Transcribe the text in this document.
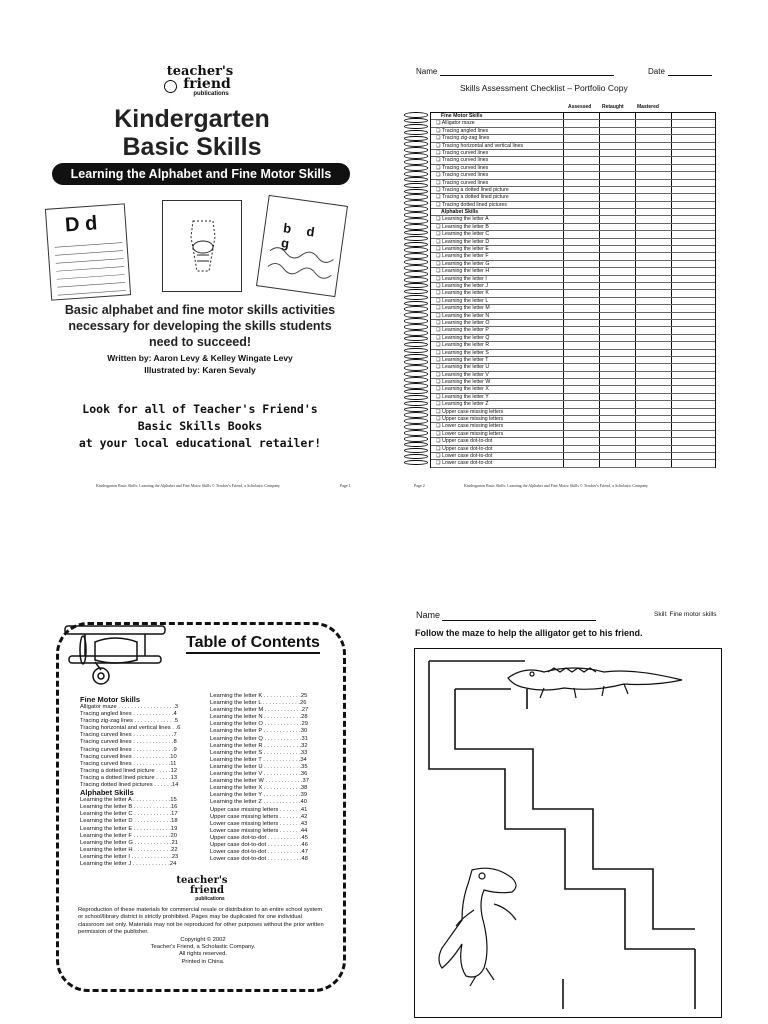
teacher's
friend
publications
Kindergarten
Basic Skills
Learning the Alphabet and Fine Motor Skills
D d	b d g
Basic alphabet and fine motor skills activities necessary for developing the skills students need to succeed!
Written by: Aaron Levy & Kelley Wingate Levy
Illustrated by: Karen Sevaly
Look for all of Teacher's Friend's
Basic Skills Books
at your local educational retailer!
Kindergarten Basic Skills: Learning the Alphabet and Fine Motor Skills © Teacher's Friend, a Scholastic Company	Page 1
Name	Date
Skills Assessment Checklist – Portfolio Copy
Assessed Retaught	Mastered
Fine Motor Skills
❏ Alligator maze
❏ Tracing angled lines
❏ Tracing zig-zag lines
❏ Tracing horizontal and vertical lines
❏ Tracing curved lines
❏ Tracing curved lines
❏ Tracing curved lines
❏ Tracing curved lines
❏ Tracing curved lines
❏ Tracing a dotted lined picture
❏ Tracing a dotted lined picture
❏ Tracing dotted lined pictures
Alphabet Skills
❏ Learning the letter A
❏ Learning the letter B
❏ Learning the letter C
❏ Learning the letter D
❏ Learning the letter E
❏ Learning the letter F
❏ Learning the letter G
❏ Learning the letter H
❏ Learning the letter I
❏ Learning the letter J
❏ Learning the letter K
❏ Learning the letter L
❏ Learning the letter M
❏ Learning the letter N
❏ Learning the letter O
❏ Learning the letter P
❏ Learning the letter Q
❏ Learning the letter R
❏ Learning the letter S
❏ Learning the letter T
❏ Learning the letter U
❏ Learning the letter V
❏ Learning the letter W
❏ Learning the letter X
❏ Learning the letter Y
❏ Learning the letter Z
❏ Upper case missing letters
❏ Upper case missing letters
❏ Lower case missing letters
❏ Lower case missing letters
❏ Upper case dot-to-dot
❏ Upper case dot-to-dot
❏ Lower case dot-to-dot
❏ Lower case dot-to-dot
Page 2	Kindergarten Basic Skills: Learning the Alphabet and Fine Motor Skills © Teacher's Friend, a Scholastic Company
Table of Contents
Fine Motor Skills
Alligator maze . . . . . . . . . . . . . . . . . .3
Tracing angled lines . . . . . . . . . . . . .4
Tracing zig-zag lines . . . . . . . . . . . . .5
Tracing horizontal and vertical lines . .6
Tracing curved lines . . . . . . . . . . . . .7
Tracing curved lines . . . . . . . . . . . . .8
Tracing curved lines . . . . . . . . . . . . .9
Tracing curved lines . . . . . . . . . . . .10
Tracing curved lines . . . . . . . . . . . .11
Tracing a dotted lined picture . . . . .12
Tracing a dotted lined picture . . . . .13
Tracing dotted lined pictures . . . . . .14
Alphabet Skills
Learning the letter A . . . . . . . . . . . .15
Learning the letter B . . . . . . . . . . . .16
Learning the letter C . . . . . . . . . . . .17
Learning the letter D . . . . . . . . . . . .18
Learning the letter E . . . . . . . . . . . .19
Learning the letter F . . . . . . . . . . . .20
Learning the letter G . . . . . . . . . . . .21
Learning the letter H . . . . . . . . . . . .22
Learning the letter I . . . . . . . . . . . . .23
Learning the letter J . . . . . . . . . . . .24
Learning the letter K . . . . . . . . . . . .25
Learning the letter L . . . . . . . . . . . .26
Learning the letter M . . . . . . . . . . . .27
Learning the letter N . . . . . . . . . . . .28
Learning the letter O . . . . . . . . . . . .29
Learning the letter P . . . . . . . . . . . .30
Learning the letter Q . . . . . . . . . . . .31
Learning the letter R . . . . . . . . . . . .32
Learning the letter S . . . . . . . . . . . .33
Learning the letter T . . . . . . . . . . . .34
Learning the letter U . . . . . . . . . . . .35
Learning the letter V . . . . . . . . . . . .36
Learning the letter W . . . . . . . . . . . .37
Learning the letter X . . . . . . . . . . . .38
Learning the letter Y . . . . . . . . . . . .39
Learning the letter Z . . . . . . . . . . . .40
Upper case missing letters . . . . . . .41
Upper case missing letters . . . . . . .42
Lower case missing letters . . . . . . .43
Lower case missing letters . . . . . . .44
Upper case dot-to-dot . . . . . . . . . . .45
Upper case dot-to-dot . . . . . . . . . . .46
Lower case dot-to-dot . . . . . . . . . . .47
Lower case dot-to-dot . . . . . . . . . . .48
teacher's
friend
publications
Reproduction of these materials for commercial resale or distribution to an entire school system or school/library district is strictly prohibited. Pages may be duplicated for one individual classroom set only. Materials may not be reproduced for other purposes without the prior written permission of the publisher.
Copyright © 2002
Teacher's Friend, a Scholastic Company.
All rights reserved.
Printed in China.
Name	Skill: Fine motor skills
Follow the maze to help the alligator get to his friend.
